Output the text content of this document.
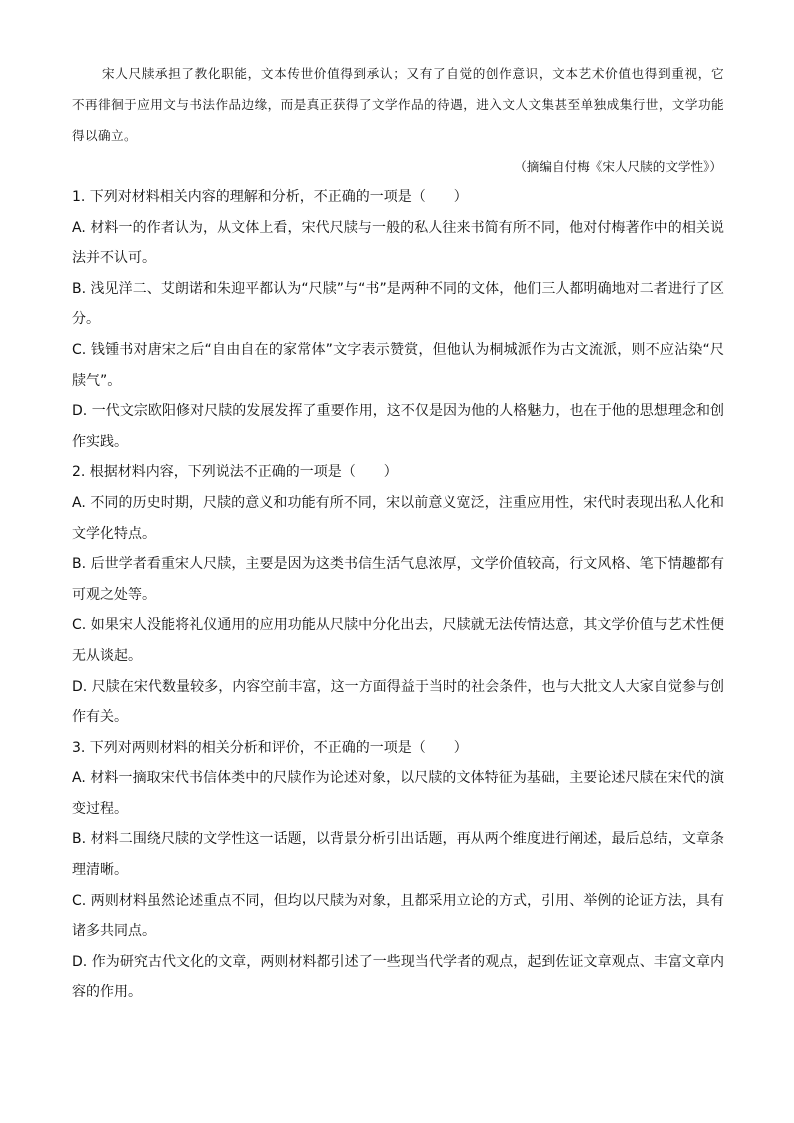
宋人尺牍承担了教化职能，文本传世价值得到承认；又有了自觉的创作意识，文本艺术价值也得到重视，它不再徘徊于应用文与书法作品边缘，而是真正获得了文学作品的待遇，进入文人文集甚至单独成集行世，文学功能得以确立。

（摘编自付梅《宋人尺牍的文学性》）

1. 下列对材料相关内容的理解和分析，不正确的一项是（　　）

A. 材料一的作者认为，从文体上看，宋代尺牍与一般的私人往来书简有所不同，他对付梅著作中的相关说法并不认可。

B. 浅见洋二、艾朗诺和朱迎平都认为“尺牍”与“书”是两种不同的文体，他们三人都明确地对二者进行了区分。

C. 钱锺书对唐宋之后“自由自在的家常体”文字表示赞赏，但他认为桐城派作为古文流派，则不应沾染“尺牍气”。

D. 一代文宗欧阳修对尺牍的发展发挥了重要作用，这不仅是因为他的人格魅力，也在于他的思想理念和创作实践。

2. 根据材料内容，下列说法不正确的一项是（　　）

A. 不同的历史时期，尺牍的意义和功能有所不同，宋以前意义宽泛，注重应用性，宋代时表现出私人化和文学化特点。

B. 后世学者看重宋人尺牍，主要是因为这类书信生活气息浓厚，文学价值较高，行文风格、笔下情趣都有可观之处等。

C. 如果宋人没能将礼仪通用的应用功能从尺牍中分化出去，尺牍就无法传情达意，其文学价值与艺术性便无从谈起。

D. 尺牍在宋代数量较多，内容空前丰富，这一方面得益于当时的社会条件，也与大批文人大家自觉参与创作有关。

3. 下列对两则材料的相关分析和评价，不正确的一项是（　　）

A. 材料一摘取宋代书信体类中的尺牍作为论述对象，以尺牍的文体特征为基础，主要论述尺牍在宋代的演变过程。

B. 材料二围绕尺牍的文学性这一话题，以背景分析引出话题，再从两个维度进行阐述，最后总结，文章条理清晰。

C. 两则材料虽然论述重点不同，但均以尺牍为对象，且都采用立论的方式，引用、举例的论证方法，具有诸多共同点。

D. 作为研究古代文化的文章，两则材料都引述了一些现当代学者的观点，起到佐证文章观点、丰富文章内容的作用。
